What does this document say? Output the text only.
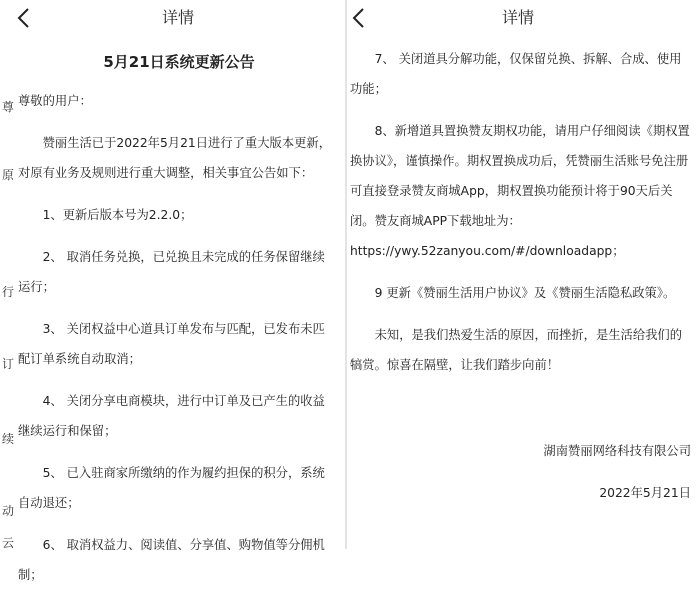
详情
尊
原
行
订
续
动
云
5月21日系统更新公告

尊敬的用户：

赞丽生活已于2022年5月21日进行了重大版本更新，对原有业务及规则进行重大调整，相关事宜公告如下：

1、更新后版本号为2.2.0；

2、 取消任务兑换，已兑换且未完成的任务保留继续运行；

3、 关闭权益中心道具订单发布与匹配，已发布未匹配订单系统自动取消；

4、 关闭分享电商模块，进行中订单及已产生的收益继续运行和保留；

5、 已入驻商家所缴纳的作为履约担保的积分，系统自动退还；

6、 取消权益力、阅读值、分享值、购物值等分佣机制；

详情

7、 关闭道具分解功能，仅保留兑换、拆解、合成、使用功能；

8、新增道具置换赞友期权功能，请用户仔细阅读《期权置换协议》，谨慎操作。期权置换成功后，凭赞丽生活账号免注册可直接登录赞友商城App，期权置换功能预计将于90天后关闭。赞友商城APP下载地址为：https://ywy.52zanyou.com/#/downloadapp；

9 更新《赞丽生活用户协议》及《赞丽生活隐私政策》。

未知，是我们热爱生活的原因，而挫折，是生活给我们的犒赏。惊喜在隔壁，让我们踏步向前！

湖南赞丽网络科技有限公司

2022年5月21日
